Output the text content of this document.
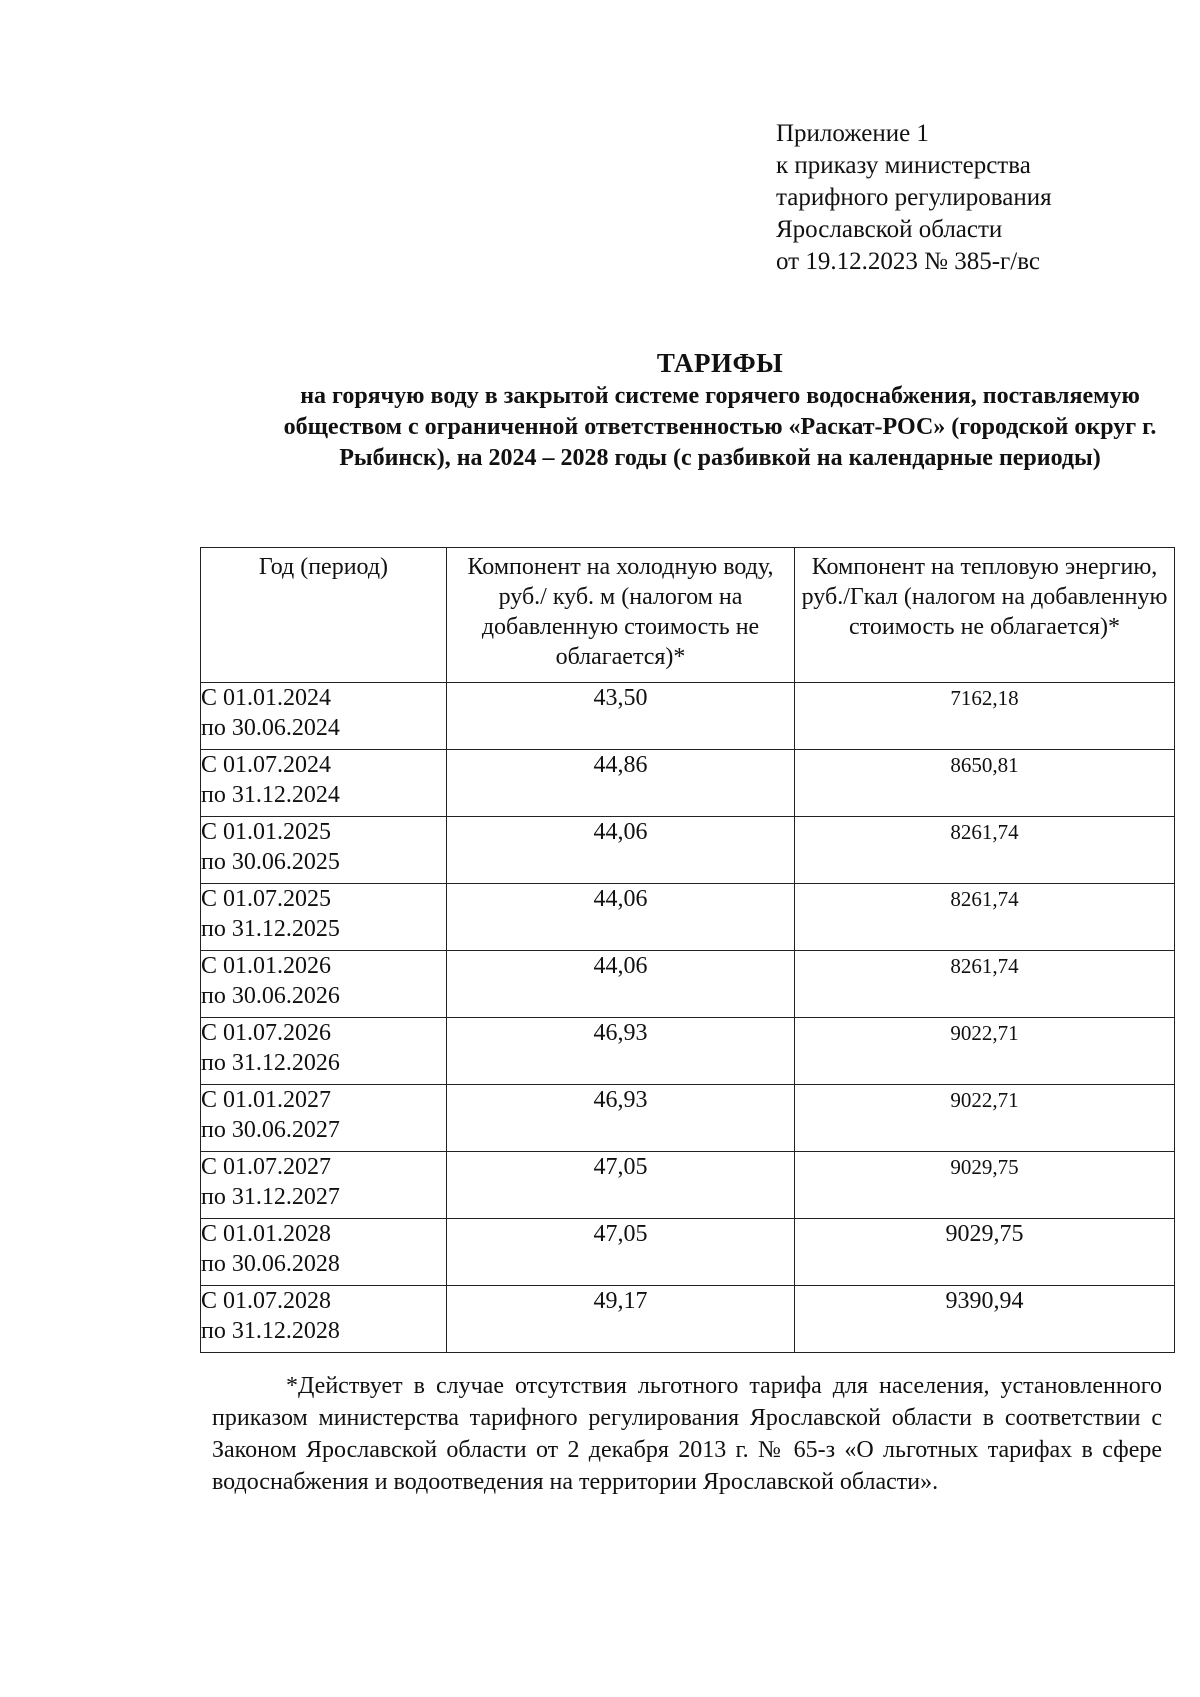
Приложение 1
к приказу министерства
тарифного регулирования
Ярославской области
от 19.12.2023 № 385-г/вс
ТАРИФЫ
на горячую воду в закрытой системе горячего водоснабжения, поставляемую обществом с ограниченной ответственностью «Раскат-РОС» (городской округ г. Рыбинск), на 2024 – 2028 годы (с разбивкой на календарные периоды)
Год (период)	Компонент на холодную воду, руб./ куб. м (налогом на добавленную стоимость не облагается)*	Компонент на тепловую энергию, руб./Гкал (налогом на добавленную стоимость не облагается)*

С 01.01.2024
по 30.06.2024	43,50	7162,18

С 01.07.2024
по 31.12.2024	44,86	8650,81

С 01.01.2025
по 30.06.2025	44,06	8261,74

С 01.07.2025
по 31.12.2025	44,06	8261,74

С 01.01.2026
по 30.06.2026	44,06	8261,74

С 01.07.2026
по 31.12.2026	46,93	9022,71

С 01.01.2027
по 30.06.2027	46,93	9022,71

С 01.07.2027
по 31.12.2027	47,05	9029,75

С 01.01.2028
по 30.06.2028	47,05	9029,75

С 01.07.2028
по 31.12.2028	49,17	9390,94
*Действует в случае отсутствия льготного тарифа для населения, установленного приказом министерства тарифного регулирования Ярославской области в соответствии с Законом Ярославской области от 2 декабря 2013 г. № 65-з «О льготных тарифах в сфере водоснабжения и водоотведения на территории Ярославской области».
